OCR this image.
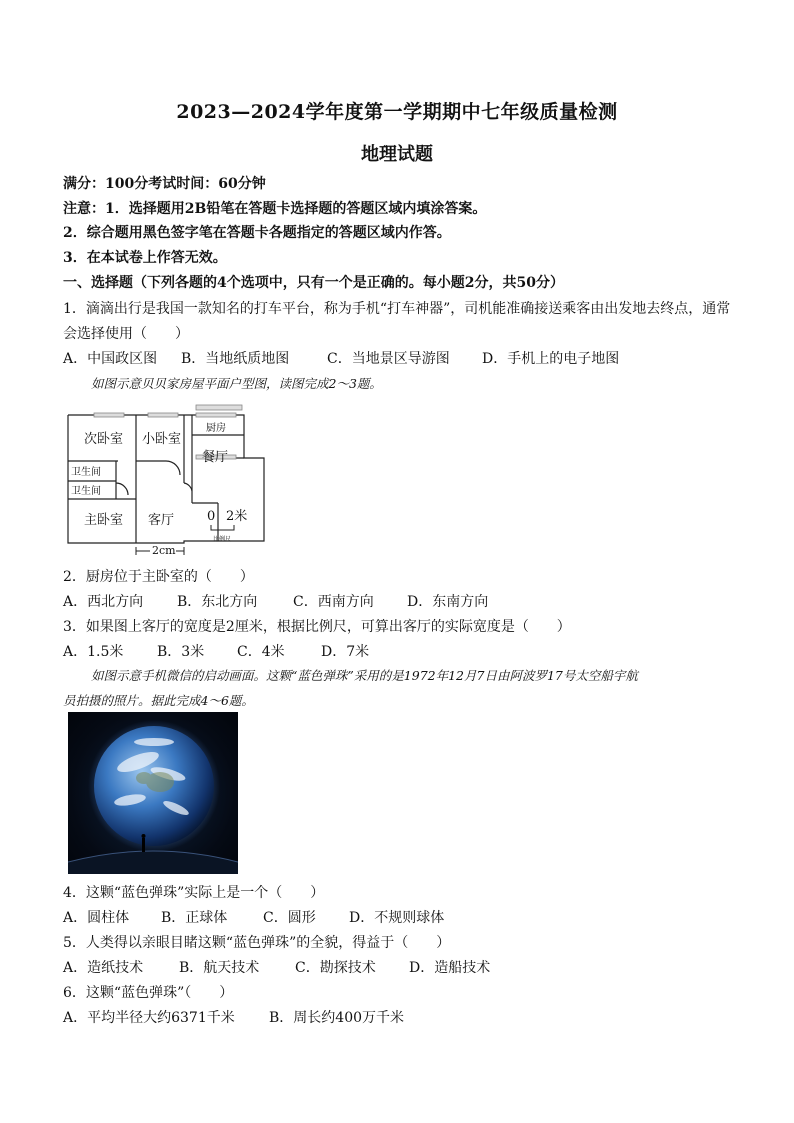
2023—2024学年度第一学期期中七年级质量检测
地理试题
满分：100分考试时间：60分钟
注意：1．选择题用2B铅笔在答题卡选择题的答题区域内填涂答案。
2．综合题用黑色签字笔在答题卡各题指定的答题区域内作答。
3．在本试卷上作答无效。
一、选择题（下列各题的4个选项中，只有一个是正确的。每小题2分，共50分）
1．滴滴出行是我国一款知名的打车平台，称为手机“打车神器”，司机能准确接送乘客由出发地去终点，通常
会选择使用（　　）
A．中国政区图 B．当地纸质地图	C．当地景区导游图 D．手机上的电子地图
如图示意贝贝家房屋平面户型图，读图完成2～3题。
次卧室 小卧室
厨房
餐厅
卫生间
卫生间
主卧室 客厅	0 2米
比例尺
2cm
2．厨房位于主卧室的（　　）
A．西北方向 B．东北方向	C．西南方向 D．东南方向
3．如果图上客厅的宽度是2厘米，根据比例尺，可算出客厅的实际宽度是（　　）
A．1.5米 B．3米 C．4米	D．7米
如图示意手机微信的启动画面。这颗“蓝色弹珠”采用的是1972年12月7日由阿波罗17号太空船宇航
员拍摄的照片。据此完成4～6题。
4．这颗“蓝色弹珠”实际上是一个（　　）
A．圆柱体 B．正球体	C．圆形 D．不规则球体
5．人类得以亲眼目睹这颗“蓝色弹珠”的全貌，得益于（　　）
A．造纸技术	B．航天技术	C．勘探技术 D．造船技术
6．这颗“蓝色弹珠”（　　）
A．平均半径大约6371千米 B．周长约400万千米
